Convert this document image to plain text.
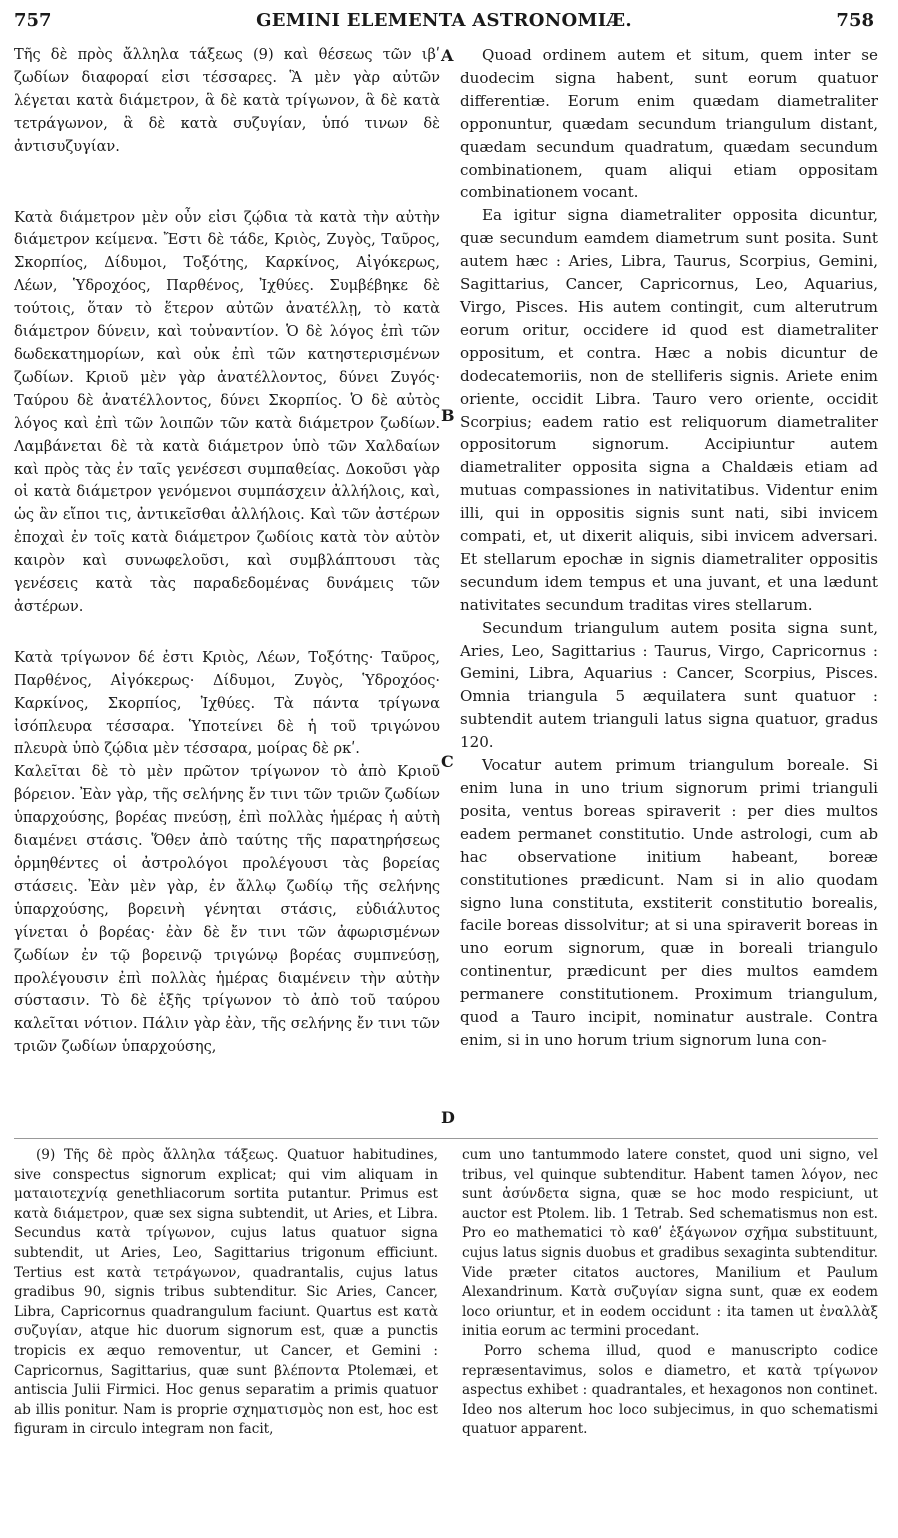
757	GEMINI ELEMENTA ASTRONOMIÆ.	758

Τῆς δὲ πρὸς ἄλληλα τάξεως (9) καὶ θέσεως τῶν ιβʹ ζωδίων διαφοραί εἰσι τέσσαρες. Ἃ μὲν γὰρ αὐτῶν λέγεται κατὰ διάμετρον, ἃ δὲ κατὰ τρίγωνον, ἃ δὲ κατὰ τετράγωνον, ἃ δὲ κατὰ συζυγίαν, ὑπό τινων δὲ ἀντισυζυγίαν.

Κατὰ διάμετρον μὲν οὖν εἰσι ζῴδια τὰ κατὰ τὴν αὐτὴν διάμετρον κείμενα. Ἔστι δὲ τάδε, Κριὸς, Ζυγὸς, Ταῦρος, Σκορπίος, Δίδυμοι, Τοξότης, Καρκίνος, Αἰγόκερως, Λέων, Ὑδροχόος, Παρθένος, Ἰχθύες. Συμβέβηκε δὲ τούτοις, ὅταν τὸ ἕτερον αὐτῶν ἀνατέλλῃ, τὸ κατὰ διάμετρον δύνειν, καὶ τοὐναντίον. Ὁ δὲ λόγος ἐπὶ τῶν δωδεκατημορίων, καὶ οὐκ ἐπὶ τῶν κατηστερισμένων ζωδίων. Κριοῦ μὲν γὰρ ἀνατέλλοντος, δύνει Ζυγός· Ταύρου δὲ ἀνατέλλοντος, δύνει Σκορπίος. Ὁ δὲ αὐτὸς λόγος καὶ ἐπὶ τῶν λοιπῶν τῶν κατὰ διάμετρον ζωδίων. Λαμβάνεται δὲ τὰ κατὰ διάμετρον ὑπὸ τῶν Χαλδαίων καὶ πρὸς τὰς ἐν ταῖς γενέσεσι συμπαθείας. Δοκοῦσι γὰρ οἱ κατὰ διάμετρον γενόμενοι συμπάσχειν ἀλλήλοις, καὶ, ὡς ἂν εἴποι τις, ἀντικεῖσθαι ἀλλήλοις. Καὶ τῶν ἀστέρων ἐποχαὶ ἐν τοῖς κατὰ διάμετρον ζωδίοις κατὰ τὸν αὐτὸν καιρὸν καὶ συνωφελοῦσι, καὶ συμβλάπτουσι τὰς γενέσεις κατὰ τὰς παραδεδομένας δυνάμεις τῶν ἀστέρων.

Κατὰ τρίγωνον δέ ἐστι Κριὸς, Λέων, Τοξότης· Ταῦρος, Παρθένος, Αἰγόκερως· Δίδυμοι, Ζυγὸς, Ὑδροχόος· Καρκίνος, Σκορπίος, Ἰχθύες. Τὰ πάντα τρίγωνα ἰσόπλευρα τέσσαρα. Ὑποτείνει δὲ ἡ τοῦ τριγώνου πλευρὰ ὑπὸ ζῴδια μὲν τέσσαρα, μοίρας δὲ ρκʹ.

Καλεῖται δὲ τὸ μὲν πρῶτον τρίγωνον τὸ ἀπὸ Κριοῦ βόρειον. Ἐὰν γὰρ, τῆς σελήνης ἔν τινι τῶν τριῶν ζωδίων ὑπαρχούσης, βορέας πνεύσῃ, ἐπὶ πολλὰς ἡμέρας ἡ αὐτὴ διαμένει στάσις. Ὅθεν ἀπὸ ταύτης τῆς παρατηρήσεως ὁρμηθέντες οἱ ἀστρολόγοι προλέγουσι τὰς βορείας στάσεις. Ἐὰν μὲν γὰρ, ἐν ἄλλῳ ζωδίῳ τῆς σελήνης ὑπαρχούσης, βορεινὴ γένηται στάσις, εὐδιάλυτος γίνεται ὁ βορέας· ἐὰν δὲ ἔν τινι τῶν ἀφωρισμένων ζωδίων ἐν τῷ βορεινῷ τριγώνῳ βορέας συμπνεύσῃ, προλέγουσιν ἐπὶ πολλὰς ἡμέρας διαμένειν τὴν αὐτὴν σύστασιν. Τὸ δὲ ἑξῆς τρίγωνον τὸ ἀπὸ τοῦ ταύρου καλεῖται νότιον. Πάλιν γὰρ ἐὰν, τῆς σελήνης ἔν τινι τῶν τριῶν ζωδίων ὑπαρχούσης,

A
B
C
D

Quoad ordinem autem et situm, quem inter se duodecim signa habent, sunt eorum quatuor differentiæ. Eorum enim quædam diametraliter opponuntur, quædam secundum triangulum distant, quædam secundum quadratum, quædam secundum combinationem, quam aliqui etiam oppositam combinationem vocant.

Ea igitur signa diametraliter opposita dicuntur, quæ secundum eamdem diametrum sunt posita. Sunt autem hæc : Aries, Libra, Taurus, Scorpius, Gemini, Sagittarius, Cancer, Capricornus, Leo, Aquarius, Virgo, Pisces. His autem contingit, cum alterutrum eorum oritur, occidere id quod est diametraliter oppositum, et contra. Hæc a nobis dicuntur de dodecatemoriis, non de stelliferis signis. Ariete enim oriente, occidit Libra. Tauro vero oriente, occidit Scorpius; eadem ratio est reliquorum diametraliter oppositorum signorum. Accipiuntur autem diametraliter opposita signa a Chaldæis etiam ad mutuas compassiones in nativitatibus. Videntur enim illi, qui in oppositis signis sunt nati, sibi invicem compati, et, ut dixerit aliquis, sibi invicem adversari. Et stellarum epochæ in signis diametraliter oppositis secundum idem tempus et una juvant, et una lædunt nativitates secundum traditas vires stellarum.

Secundum triangulum autem posita signa sunt, Aries, Leo, Sagittarius : Taurus, Virgo, Capricornus : Gemini, Libra, Aquarius : Cancer, Scorpius, Pisces. Omnia triangula 5 æquilatera sunt quatuor : subtendit autem trianguli latus signa quatuor, gradus 120.

Vocatur autem primum triangulum boreale. Si enim luna in uno trium signorum primi trianguli posita, ventus boreas spiraverit : per dies multos eadem permanet constitutio. Unde astrologi, cum ab hac observatione initium habeant, boreæ constitutiones prædicunt. Nam si in alio quodam signo luna constituta, exstiterit constitutio borealis, facile boreas dissolvitur; at si una spiraverit boreas in uno eorum signorum, quæ in boreali triangulo continentur, prædicunt per dies multos eamdem permanere constitutionem. Proximum triangulum, quod a Tauro incipit, nominatur australe. Contra enim, si in uno horum trium signorum luna con-

(9) Τῆς δὲ πρὸς ἄλληλα τάξεως. Quatuor habitudines, sive conspectus signorum explicat; qui vim aliquam in ματαιοτεχνίᾳ genethliacorum sortita putantur. Primus est κατὰ διάμετρον, quæ sex signa subtendit, ut Aries, et Libra. Secundus κατὰ τρίγωνον, cujus latus quatuor signa subtendit, ut Aries, Leo, Sagittarius trigonum efficiunt. Tertius est κατὰ τετράγωνον, quadrantalis, cujus latus gradibus 90, signis tribus subtenditur. Sic Aries, Cancer, Libra, Capricornus quadrangulum faciunt. Quartus est κατὰ συζυγίαν, atque hic duorum signorum est, quæ a punctis tropicis ex æquo removentur, ut Cancer, et Gemini : Capricornus, Sagittarius, quæ sunt βλέποντα Ptolemæi, et antiscia Julii Firmici. Hoc genus separatim a primis quatuor ab illis ponitur. Nam is proprie σχηματισμὸς non est, hoc est figuram in circulo integram non facit,

cum uno tantummodo latere constet, quod uni signo, vel tribus, vel quinque subtenditur. Habent tamen λόγον, nec sunt ἀσύνδετα signa, quæ se hoc modo respiciunt, ut auctor est Ptolem. lib. 1 Tetrab. Sed schematismus non est. Pro eo mathematici τὸ καθʹ ἑξάγωνον σχῆμα substituunt, cujus latus signis duobus et gradibus sexaginta subtenditur. Vide præter citatos auctores, Manilium et Paulum Alexandrinum. Κατὰ συζυγίαν signa sunt, quæ ex eodem loco oriuntur, et in eodem occidunt : ita tamen ut ἐναλλὰξ initia eorum ac termini procedant.

Porro schema illud, quod e manuscripto codice repræsentavimus, solos e diametro, et κατὰ τρίγωνον aspectus exhibet : quadrantales, et hexagonos non continet. Ideo nos alterum hoc loco subjecimus, in quo schematismi quatuor apparent.
